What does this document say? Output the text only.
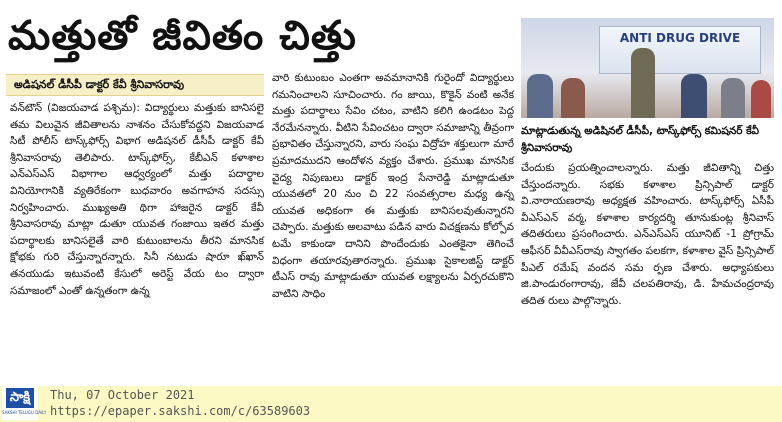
మత్తుతో జీవితం చిత్తు
అడిషనల్ డీసీపీ డాక్టర్ కేవీ శ్రీనివాసరావు

వన్‌టౌన్ (విజయవాడ పశ్చిమ): విద్యార్థులు మత్తుకు బానిసలై తమ విలువైన జీవితాలను నాశనం చేసుకోవద్దని విజయవాడ సిటీ పోలీస్ టాస్క్‌ఫోర్స్ విభాగ అడిషనల్ డీసీపీ డాక్టర్ కేవీ శ్రీనివాసరావు తెలిపారు. టాస్క్‌ఫోర్స్, కేబీఎన్ కళాశాల ఎన్ఎస్ఎస్ విభాగాల ఆధ్వర్యంలో మత్తు పదార్థాల వినియోగానికి వ్యతిరేకంగా బుధవారం అవగాహన సదస్సు నిర్వహించారు. ముఖ్యఅతి థిగా హాజరైన డాక్టర్ కేవీ శ్రీనివాసరావు మాట్లా డుతూ యువత గంజాయి ఇతర మత్తు పదార్థాలకు బానిసలైతే వారి కుటుంబాలను తీరని మానసిక క్షోభకు గురి చేస్తున్నారన్నారు. సినీ నటుడు షారూ ఖ్‌ఖాన్ తనయుడు ఇటువంటి కేసులో అరెస్ట్ వేయ టం ద్వారా సమాజంలో ఎంతో ఉన్నతంగా ఉన్న

వారి కుటుంబం ఎంతగా అవమానానికి గురైందో విద్యార్థులు గమనించాలని సూచించారు. గం జాయి, కొకైన్ వంటి అనేక మత్తు పదార్థాలు సేవిం చటం, వాటిని కలిగి ఉండటం పెద్ద నేరమేనన్నారు. వీటిని సేవించటం ద్వారా సమాజాన్ని తీవ్రంగా ప్రభావితం చేస్తున్నారని, వారు సంఘ విద్రోహ శక్తులుగా మారే ప్రమాదముదని ఆందోళన వ్యక్తం చేశారు. ప్రముఖ మానసిక వైద్య నిపుణులు డాక్టర్ ఇంద్ర సేనారెడ్డి మాట్లాడుతూ యువతలో 20 నుం చి 22 సంవత్సరాల మధ్య ఉన్న యువత అధికంగా ఈ మత్తుకు బానిసలవుతున్నారని చెప్పారు. మత్తుకు అలవాటు పడిన వారు విచక్షణను కోల్పోవ టమే కాకుండా దానిని పొందేందుకు ఎంతకైనా తెగించే విధంగా తయారవుతారన్నారు. ప్రముఖ సైకాలజిస్ట్ డాక్టర్ టీఎస్ రావు మాట్లాడుతూ యువత లక్ష్యాలను ఏర్పరచుకొని వాటిని సాధిం

ANTI DRUG DRIVE
మాట్లాడుతున్న అడిషినల్ డీసీపీ, టాస్క్‌ఫోర్స్ కమిషనర్ కేవీ శ్రీనివాసరావు

చేందుకు ప్రయత్నించాలన్నారు. మత్తు జీవితాన్ని చిత్తు చేస్తుందన్నారు. సభకు కళాశాల ప్రిన్సిపాల్ డాక్టర్ వి.నారాయణరావు అధ్యక్షత వహించారు. టాస్క్‌ఫోర్స్ ఏసీపీ వీఎస్ఎన్ వర్మ, కళాశాల కార్యదర్శి తూనుకుంట్ల శ్రీనివాస్ తదితరులు ప్రసంగించారు. ఎన్ఎస్ఎస్ యూనిట్ -1 ప్రోగ్రామ్ ఆఫీసర్ వీవీఎస్‌రావు స్వాగతం పలకగా, కళాశాల వైస్ ప్రిన్సిపాల్ పీఎల్ రమేష్ వందన సమ ర్పణ చేశారు. అధ్యాపకులు జి.పాండురంగారావు, జేవీ చలపతిరావు, డి. హేమచంద్రరావు తదిత రులు పాల్గొన్నారు.

సాక్షి
SAKSHI TELUGU DAILY
Thu, 07 October 2021
https://epaper.sakshi.com/c/63589603
